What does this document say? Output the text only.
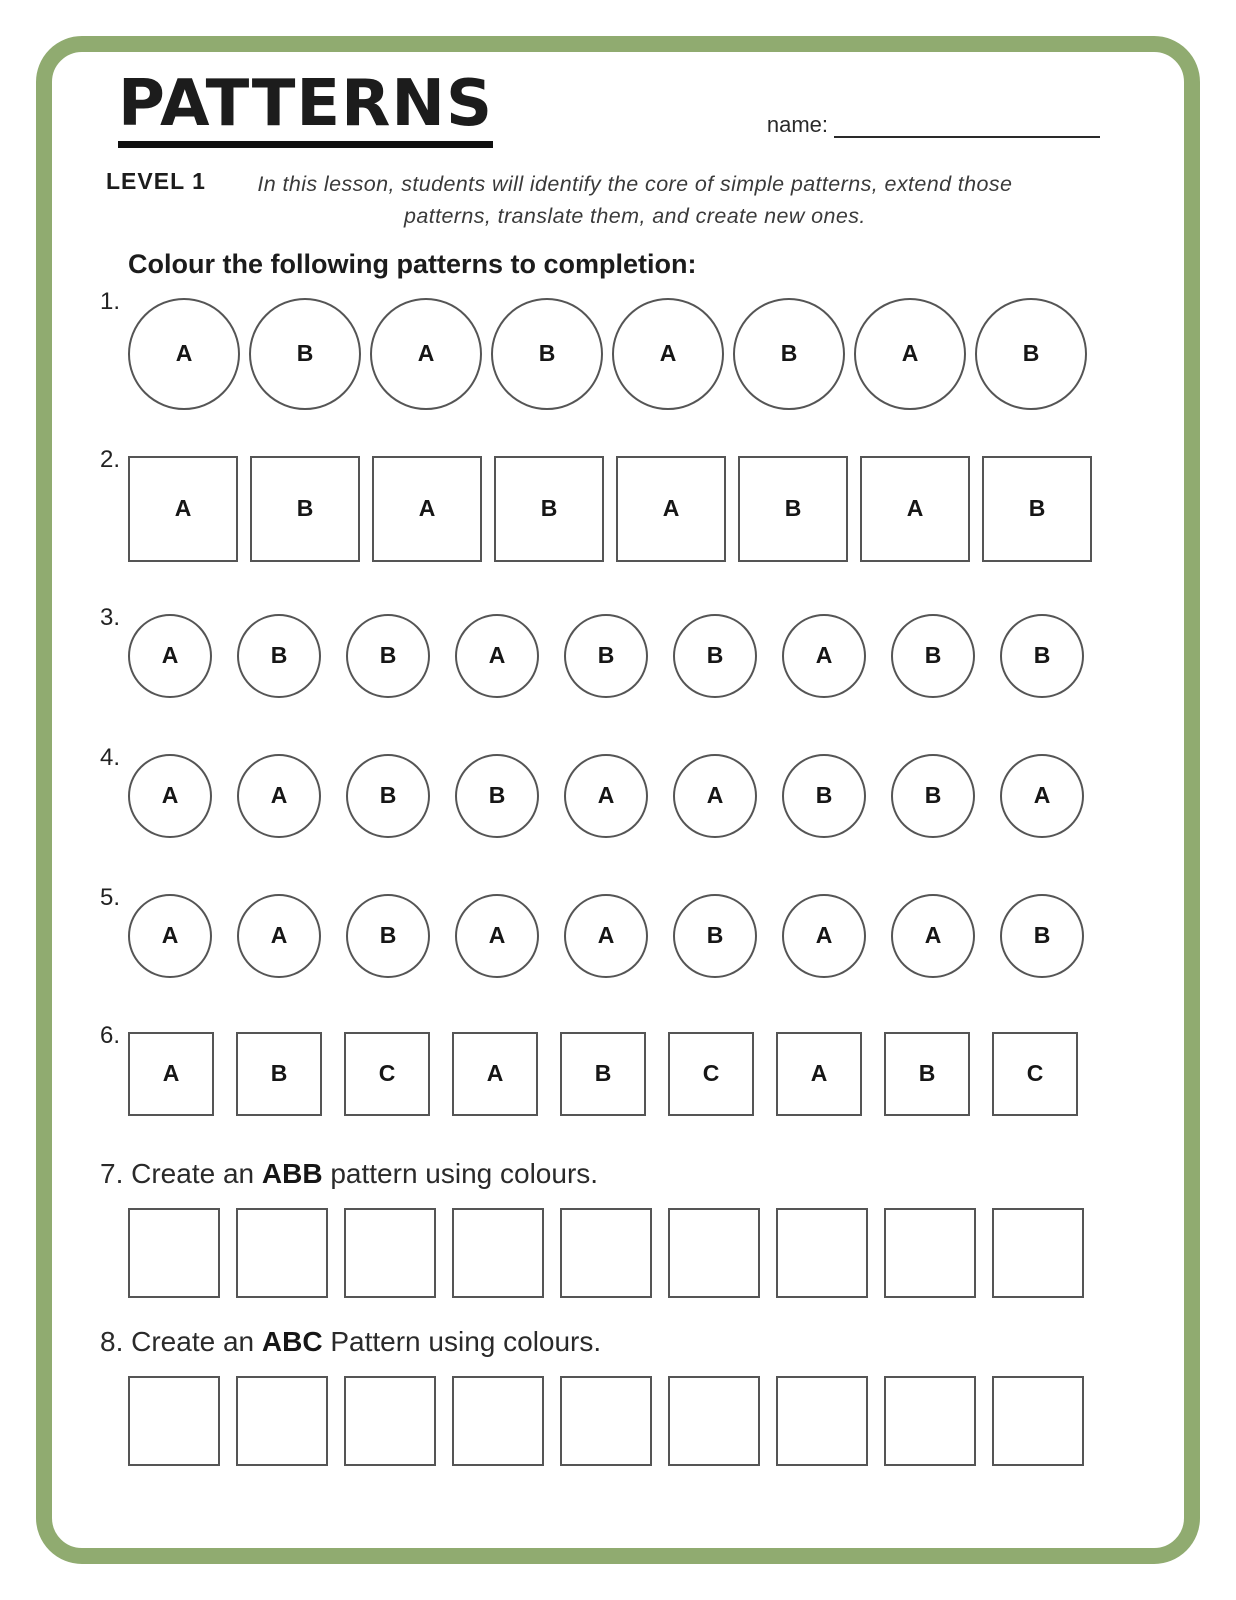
PATTERNS	name:
LEVEL 1	In this lesson, students will identify the core of simple patterns, extend those patterns, translate them, and create new ones.

Colour the following patterns to completion:
1.
A	B	A	B	A	B	A	B
2.
A	B	A	B	A	B	A	B
3.
A	B	B	A	B	B	A	B	B
4.
A	A	B	B	A	A	B	B	A
5.
A	A	B	A	A	B	A	A	B
6.
A	B	C	A	B	C	A	B	C

7. Create an ABB pattern using colours.

8. Create an ABC Pattern using colours.
